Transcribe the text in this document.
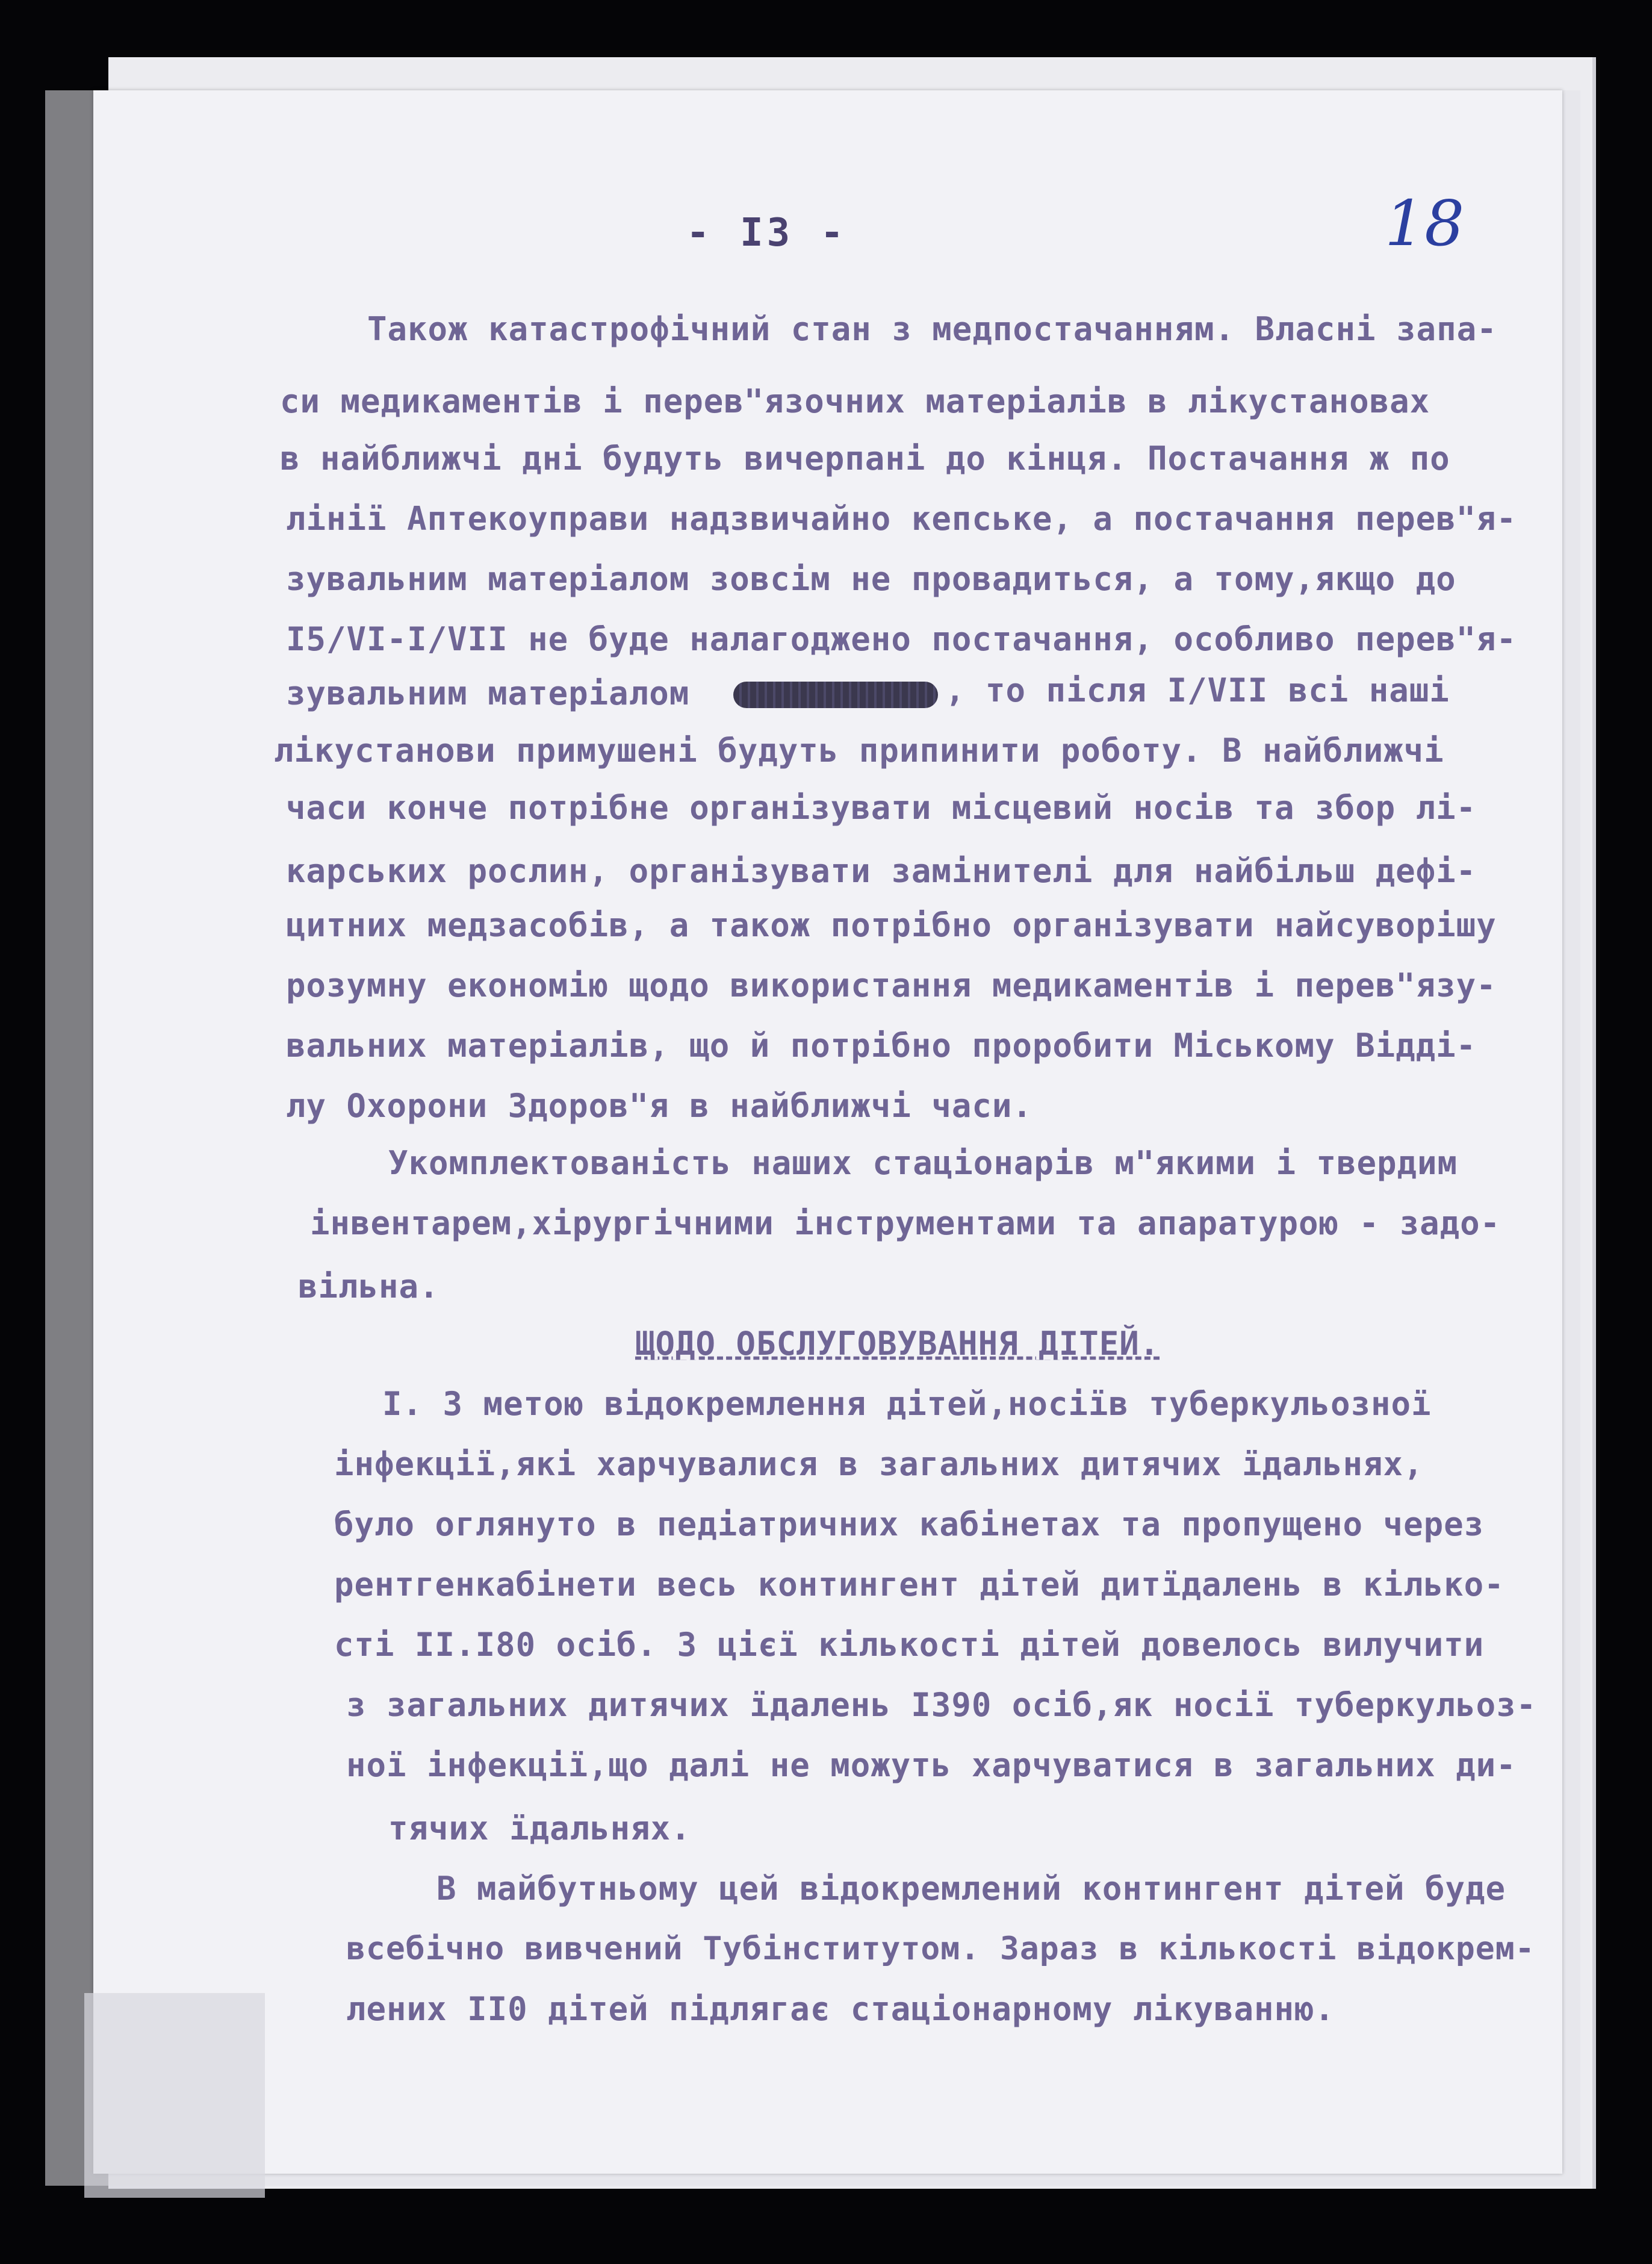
- I3 -	18
Також катастрофічний стан з медпостачанням. Власні запа-
си медикаментів і перев"язочних матеріалів в лікустановах
в найближчі дні будуть вичерпані до кінця. Постачання ж по
лінії Аптекоуправи надзвичайно кепське, а постачання перев"я-
зувальним матеріалом зовсім не провадиться, а тому,якщо до
I5/VI-I/VII не буде налагоджено постачання, особливо перев"я-
зувальним матеріалом	, то після I/VII всі наші
лікустанови примушені будуть припинити роботу. В найближчі
часи конче потрібне організувати місцевий носів та збор лі-
карських рослин, організувати замінителі для найбільш дефі-
цитних медзасобів, а також потрібно організувати найсуворішу
розумну економію щодо використання медикаментів і перев"язу-
вальних матеріалів, що й потрібно проробити Міському Відді-
лу Охорони Здоров"я в найближчі часи.
Укомплектованість наших стаціонарів м"якими і твердим
інвентарем,хірургічними інструментами та апаратурою - задо-
вільна.
ЩОДО ОБСЛУГОВУВАННЯ ДІТЕЙ.
I. З метою відокремлення дітей,носіїв туберкульозної
інфекції,які харчувалися в загальних дитячих їдальнях,
було оглянуто в педіатричних кабінетах та пропущено через
рентгенкабінети весь контингент дітей дитїдалень в кількo-
сті II.I80 осіб. З цієї кількості дітей довелось вилучити
з загальних дитячих їдалень I390 осіб,як носії туберкульоз-
ної інфекції,що далі не можуть харчуватися в загальних ди-
тячих їдальнях.
В майбутньому цей відокремлений контингент дітей буде
всебічно вивчений Тубінститутом. Зараз в кількості відокрем-
лених II0 дітей підлягає стаціонарному лікуванню.
